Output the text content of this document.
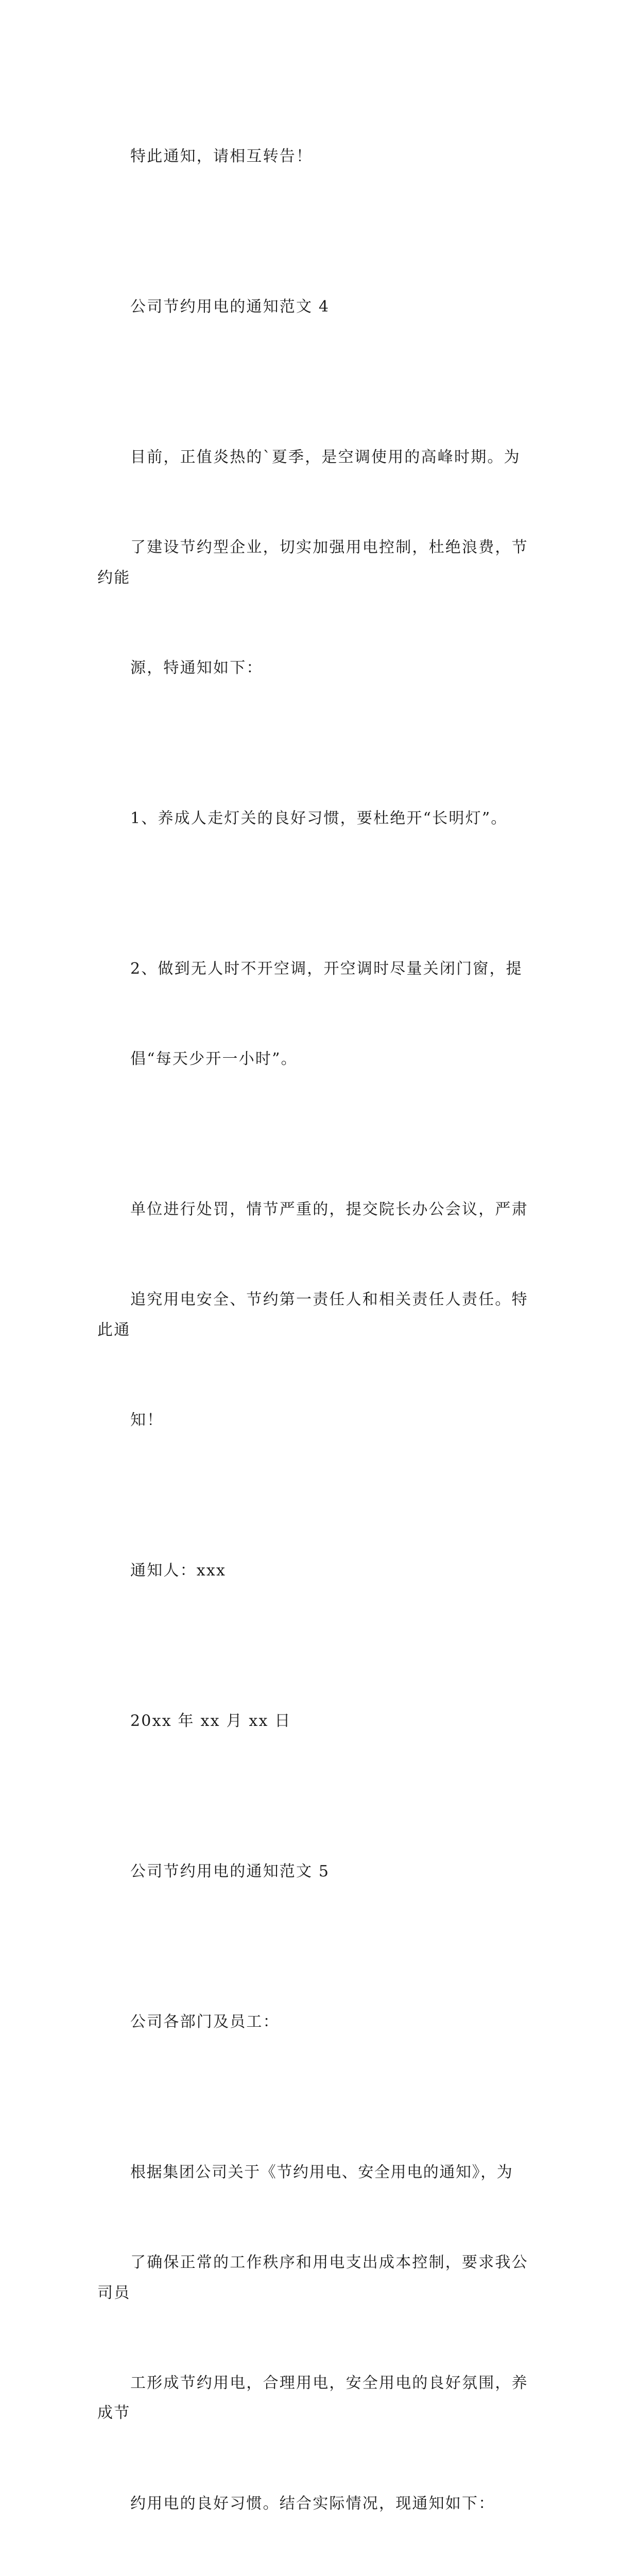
特此通知，请相互转告！

公司节约用电的通知范文 4

目前，正值炎热的`夏季，是空调使用的高峰时期。为

了建设节约型企业，切实加强用电控制，杜绝浪费，节约能

源，特通知如下：

1、养成人走灯关的良好习惯，要杜绝开“长明灯”。

2、做到无人时不开空调，开空调时尽量关闭门窗，提

倡“每天少开一小时”。

单位进行处罚，情节严重的，提交院长办公会议，严肃

追究用电安全、节约第一责任人和相关责任人责任。特此通

知！

通知人：xxx

20xx 年 xx 月 xx 日

公司节约用电的通知范文 5

公司各部门及员工：

根据集团公司关于《节约用电、安全用电的通知》，为

了确保正常的工作秩序和用电支出成本控制，要求我公司员

工形成节约用电，合理用电，安全用电的良好氛围，养成节

约用电的良好习惯。结合实际情况，现通知如下：
